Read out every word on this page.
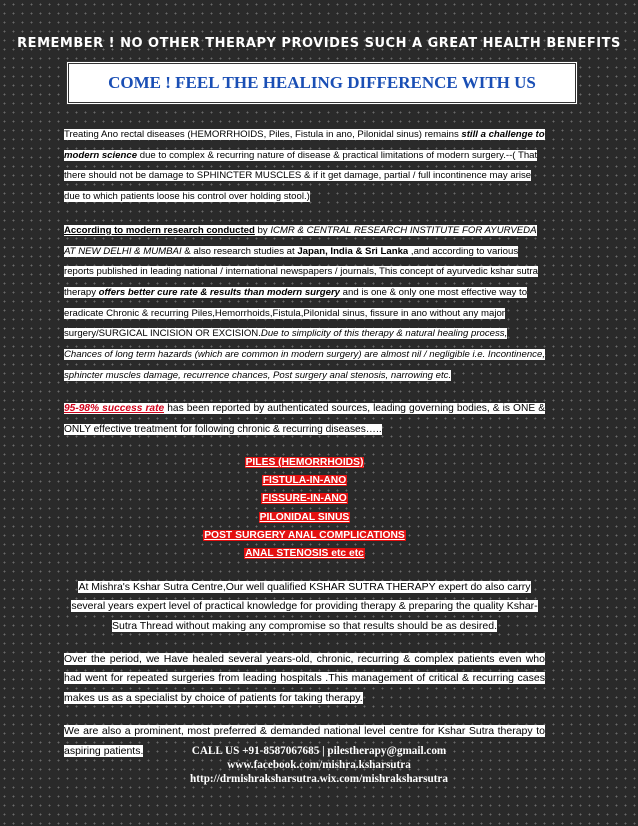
REMEMBER ! NO OTHER THERAPY PROVIDES SUCH A GREAT HEALTH BENEFITS
COME ! FEEL THE HEALING DIFFERENCE WITH US

Treating Ano rectal diseases (HEMORRHOIDS, Piles, Fistula in ano, Pilonidal sinus) remains still a challenge to modern science due to complex & recurring nature of disease & practical limitations of modern surgery.--( That there should not be damage to SPHINCTER MUSCLES & if it get damage, partial / full incontinence may arise due to which patients loose his control over holding stool.)

According to modern research conducted by ICMR & CENTRAL RESEARCH INSTITUTE FOR AYURVEDA AT NEW DELHI & MUMBAI & also research studies at Japan, India & Sri Lanka ,and according to various reports published in leading national / international newspapers / journals, This concept of ayurvedic kshar sutra therapy offers better cure rate & results than modern surgery and is one & only one most effective way to eradicate Chronic & recurring Piles,Hemorrhoids,Fistula,Pilonidal sinus, fissure in ano without any major surgery/SURGICAL INCISION OR EXCISION.Due to simplicity of this therapy & natural healing process, Chances of long term hazards (which are common in modern surgery) are almost nil / negligible i.e. Incontinence, sphincter muscles damage, recurrence chances, Post surgery anal stenosis, narrowing etc.

95-98% success rate has been reported by authenticated sources, leading governing bodies, & is ONE & ONLY effective treatment for following chronic & recurring diseases…..

PILES (HEMORRHOIDS)
FISTULA-IN-ANO
FISSURE-IN-ANO
PILONIDAL SINUS
POST SURGERY ANAL COMPLICATIONS
ANAL STENOSIS etc etc

At Mishra's Kshar Sutra Centre,Our well qualified KSHAR SUTRA THERAPY expert do also carry several years expert level of practical knowledge for providing therapy & preparing the quality Kshar-Sutra Thread without making any compromise so that results should be as desired.

Over the period, we Have healed several years-old, chronic, recurring & complex patients even who had went for repeated surgeries from leading hospitals .This management of critical & recurring cases makes us as a specialist by choice of patients for taking therapy.

We are also a prominent, most preferred & demanded national level centre for Kshar Sutra therapy to aspiring patients.	CALL US +91-8587067685 | pilestherapy@gmail.com
www.facebook.com/mishra.ksharsutra
http://drmishraksharsutra.wix.com/mishraksharsutra
